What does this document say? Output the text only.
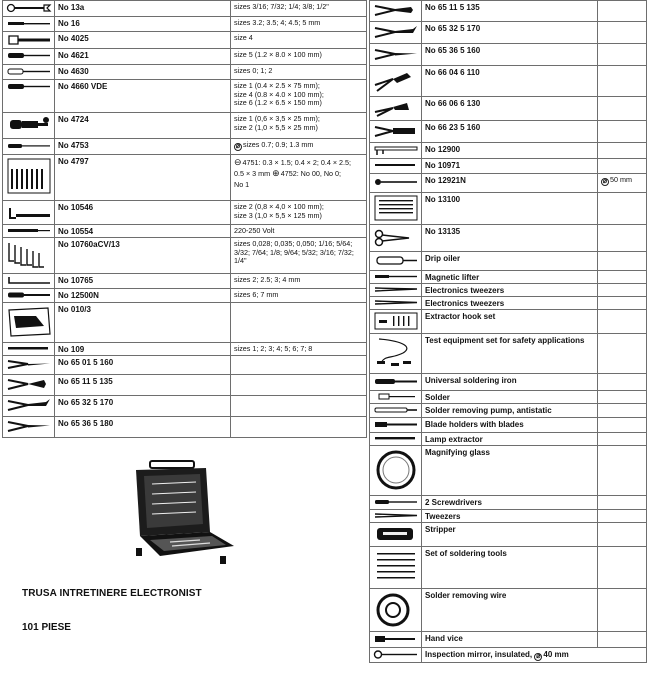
No 13a	sizes 3/16; 7/32; 1/4; 3/8; 1/2"

No 16	sizes 3.2; 3.5; 4; 4.5; 5 mm

No 4025	size 4

No 4621	size 5 (1.2 × 8.0 × 100 mm)

No 4630	sizes 0; 1; 2

No 4660 VDE	size 1 (0.4 × 2.5 × 75 mm);
size 4 (0.8 × 4.0 × 100 mm);
size 6 (1.2 × 6.5 × 150 mm)

No 4724	size 1 (0,6 × 3,5 × 25 mm);
size 2 (1,0 × 5,5 × 25 mm)

No 4753	⌀ sizes 0.7; 0.9; 1.3 mm

No 4797	⊖4751: 0.3 × 1.5; 0.4 × 2; 0.4 × 2.5;
0.5 × 3 mm ⊕4752: No 00, No 0;
No 1

No 10546	size 2 (0,8 × 4,0 × 100 mm);
size 3 (1,0 × 5,5 × 125 mm)

No 10554	220-250 Volt

No 10760aCV/13	sizes 0,028; 0,035; 0,050; 1/16; 5/64;
3/32; 7/64; 1/8; 9/64; 5/32; 3/16; 7/32;
1/4"

No 10765	sizes 2; 2.5; 3; 4 mm

No 12500N	sizes 6; 7 mm

No 010/3	

No 109	sizes 1; 2; 3; 4; 5; 6; 7; 8

No 65 01 5 160	

No 65 11 5 135	

No 65 32 5 170	

No 65 36 5 180	

TRUSA INTRETINERE ELECTRONIST
101 PIESE

No 65 11 5 135	

No 65 32 5 170	

No 65 36 5 160	

No 66 04 6 110	

No 66 06 6 130	

No 66 23 5 160	

No 12900	

No 10971	

No 12921N	⌀ 50 mm

No 13100	

No 13135	

Drip oiler	

Magnetic lifter	

Electronics tweezers	

Electronics tweezers	

Extractor hook set	

Test equipment set for safety applications	

Universal soldering iron	

Solder	

Solder removing pump, antistatic	

Blade holders with blades	

Lamp extractor	

Magnifying glass	

2 Screwdrivers	

Tweezers	

Stripper	

Set of soldering tools	

Solder removing wire	

Hand vice	

Inspection mirror, insulated, ⌀ 40 mm	
